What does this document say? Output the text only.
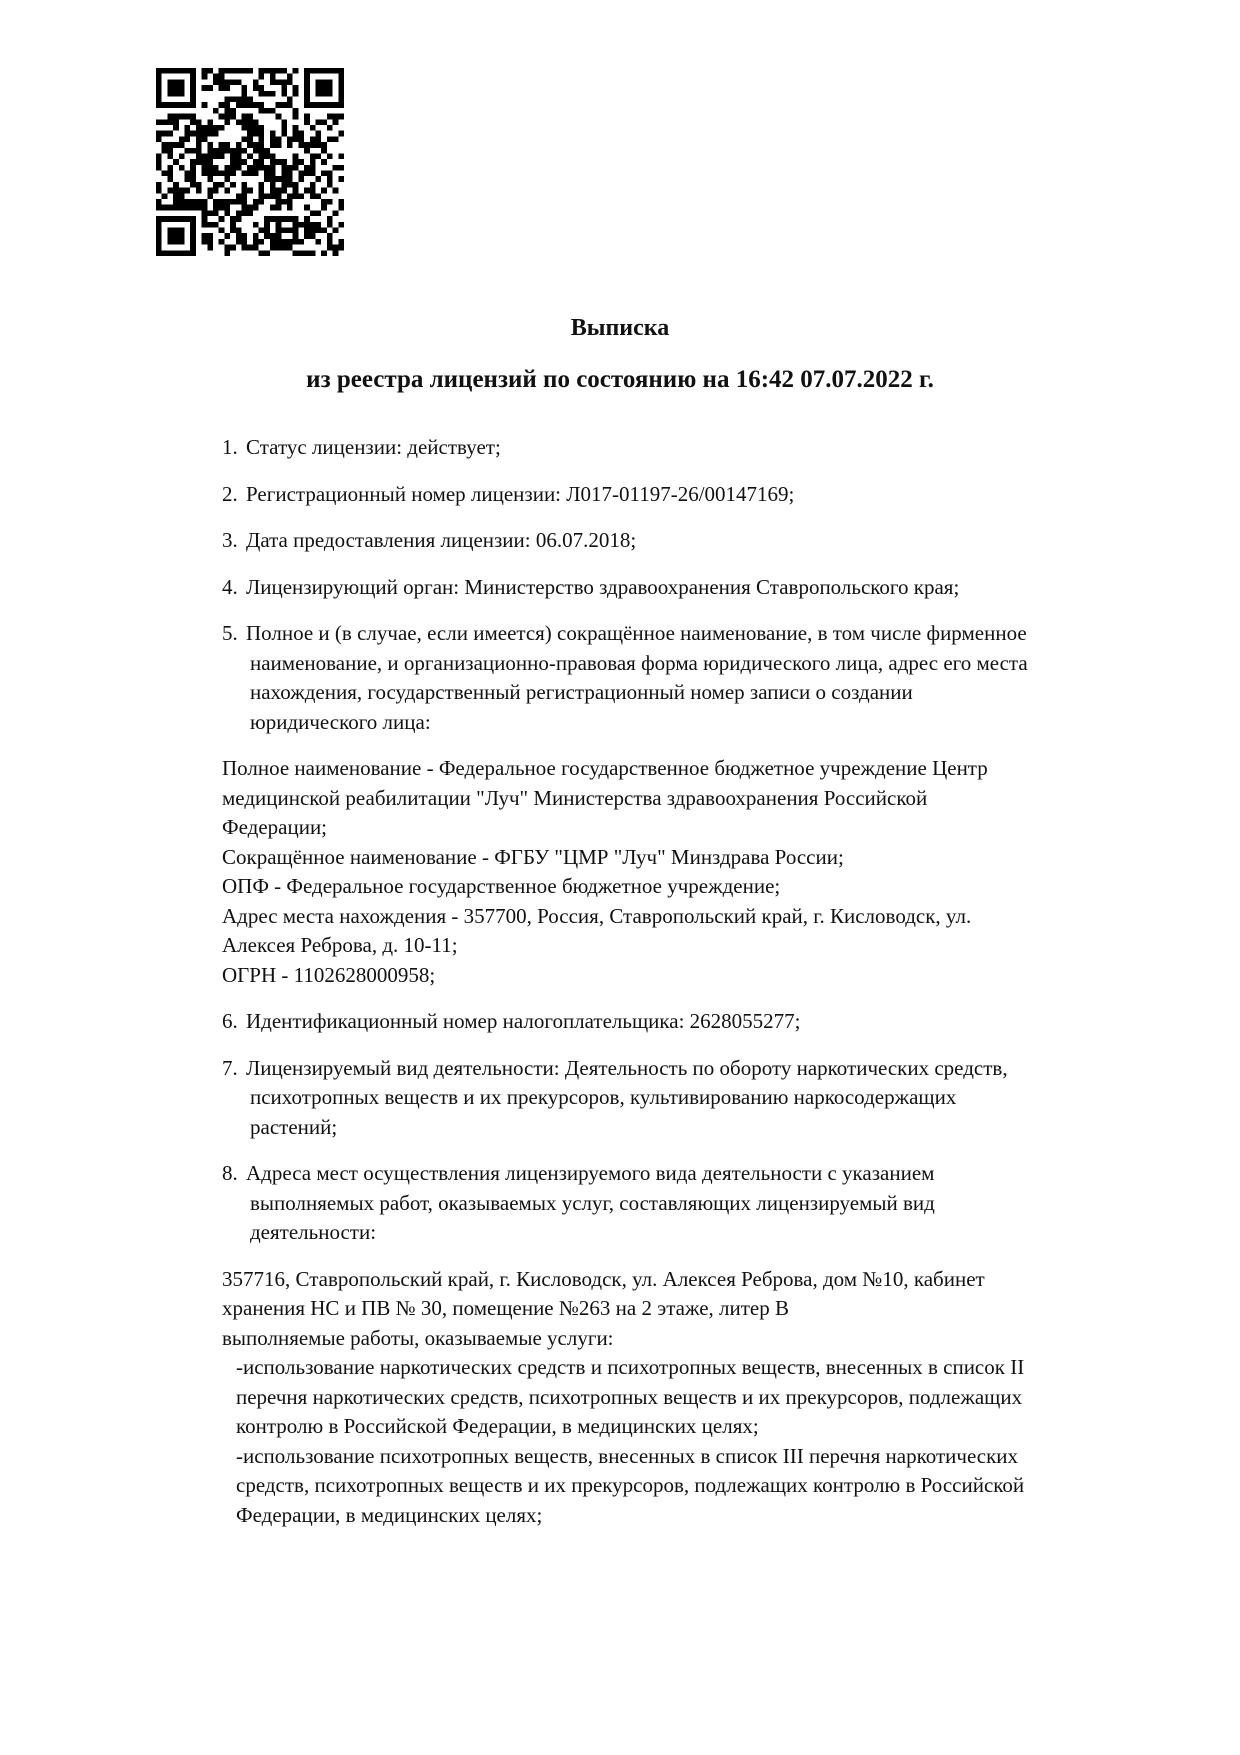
Выписка
из реестра лицензий по состоянию на 16:42 07.07.2022 г.
1. Статус лицензии: действует;
2. Регистрационный номер лицензии: Л017-01197-26/00147169;
3. Дата предоставления лицензии: 06.07.2018;
4. Лицензирующий орган: Министерство здравоохранения Ставропольского края;
5. Полное и (в случае, если имеется) сокращённое наименование, в том числе фирменное
наименование, и организационно-правовая форма юридического лица, адрес его места
нахождения, государственный регистрационный номер записи о создании
юридического лица:
Полное наименование - Федеральное государственное бюджетное учреждение Центр
медицинской реабилитации "Луч" Министерства здравоохранения Российской
Федерации;
Сокращённое наименование - ФГБУ "ЦМР "Луч" Минздрава России;
ОПФ - Федеральное государственное бюджетное учреждение;
Адрес места нахождения - 357700, Россия, Ставропольский край, г. Кисловодск, ул.
Алексея Реброва, д. 10-11;
ОГРН - 1102628000958;
6. Идентификационный номер налогоплательщика: 2628055277;
7. Лицензируемый вид деятельности: Деятельность по обороту наркотических средств,
психотропных веществ и их прекурсоров, культивированию наркосодержащих
растений;
8. Адреса мест осуществления лицензируемого вида деятельности с указанием
выполняемых работ, оказываемых услуг, составляющих лицензируемый вид
деятельности:
357716, Ставропольский край, г. Кисловодск, ул. Алексея Реброва, дом №10, кабинет
хранения НС и ПВ № 30, помещение №263 на 2 этаже, литер В
выполняемые работы, оказываемые услуги:
-использование наркотических средств и психотропных веществ, внесенных в список II
перечня наркотических средств, психотропных веществ и их прекурсоров, подлежащих
контролю в Российской Федерации, в медицинских целях;
-использование психотропных веществ, внесенных в список III перечня наркотических
средств, психотропных веществ и их прекурсоров, подлежащих контролю в Российской
Федерации, в медицинских целях;
